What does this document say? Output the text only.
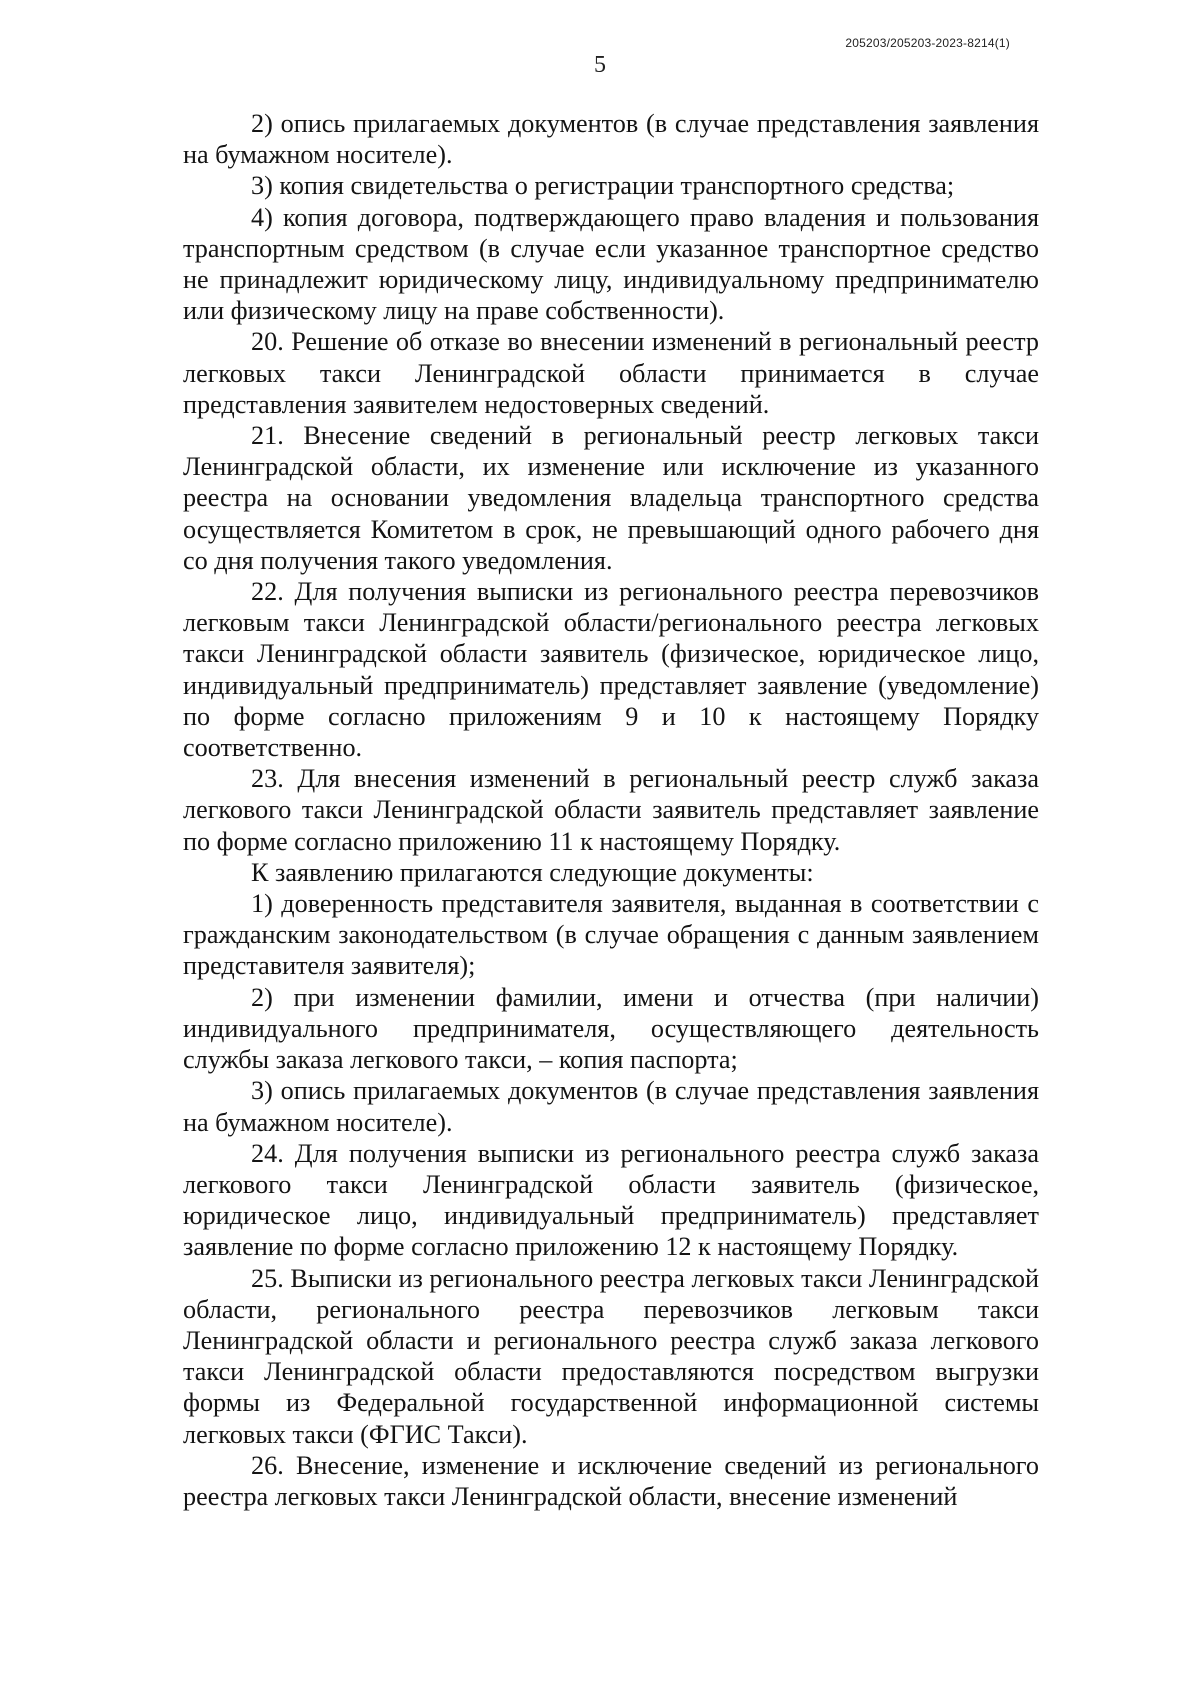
205203/205203-2023-8214(1)
5

2) опись прилагаемых документов (в случае представления заявления на бумажном носителе).

3) копия свидетельства о регистрации транспортного средства;

4) копия договора, подтверждающего право владения и пользования транспортным средством (в случае если указанное транспортное средство не принадлежит юридическому лицу, индивидуальному предпринимателю или физическому лицу на праве собственности).

20. Решение об отказе во внесении изменений в региональный реестр легковых такси Ленинградской области принимается в случае представления заявителем недостоверных сведений.

21. Внесение сведений в региональный реестр легковых такси Ленинградской области, их изменение или исключение из указанного реестра на основании уведомления владельца транспортного средства осуществляется Комитетом в срок, не превышающий одного рабочего дня со дня получения такого уведомления.

22. Для получения выписки из регионального реестра перевозчиков легковым такси Ленинградской области/регионального реестра легковых такси Ленинградской области заявитель (физическое, юридическое лицо, индивидуальный предприниматель) представляет заявление (уведомление) по форме согласно приложениям 9 и 10 к настоящему Порядку соответственно.

23. Для внесения изменений в региональный реестр служб заказа легкового такси Ленинградской области заявитель представляет заявление по форме согласно приложению 11 к настоящему Порядку.

К заявлению прилагаются следующие документы:

1) доверенность представителя заявителя, выданная в соответствии с гражданским законодательством (в случае обращения с данным заявлением представителя заявителя);

2) при изменении фамилии, имени и отчества (при наличии) индивидуального предпринимателя, осуществляющего деятельность службы заказа легкового такси, – копия паспорта;

3) опись прилагаемых документов (в случае представления заявления на бумажном носителе).

24. Для получения выписки из регионального реестра служб заказа легкового такси Ленинградской области заявитель (физическое, юридическое лицо, индивидуальный предприниматель) представляет заявление по форме согласно приложению 12 к настоящему Порядку.

25. Выписки из регионального реестра легковых такси Ленинградской области, регионального реестра перевозчиков легковым такси Ленинградской области и регионального реестра служб заказа легкового такси Ленинградской области предоставляются посредством выгрузки формы из Федеральной государственной информационной системы легковых такси (ФГИС Такси).

26. Внесение, изменение и исключение сведений из регионального реестра легковых такси Ленинградской области, внесение изменений
